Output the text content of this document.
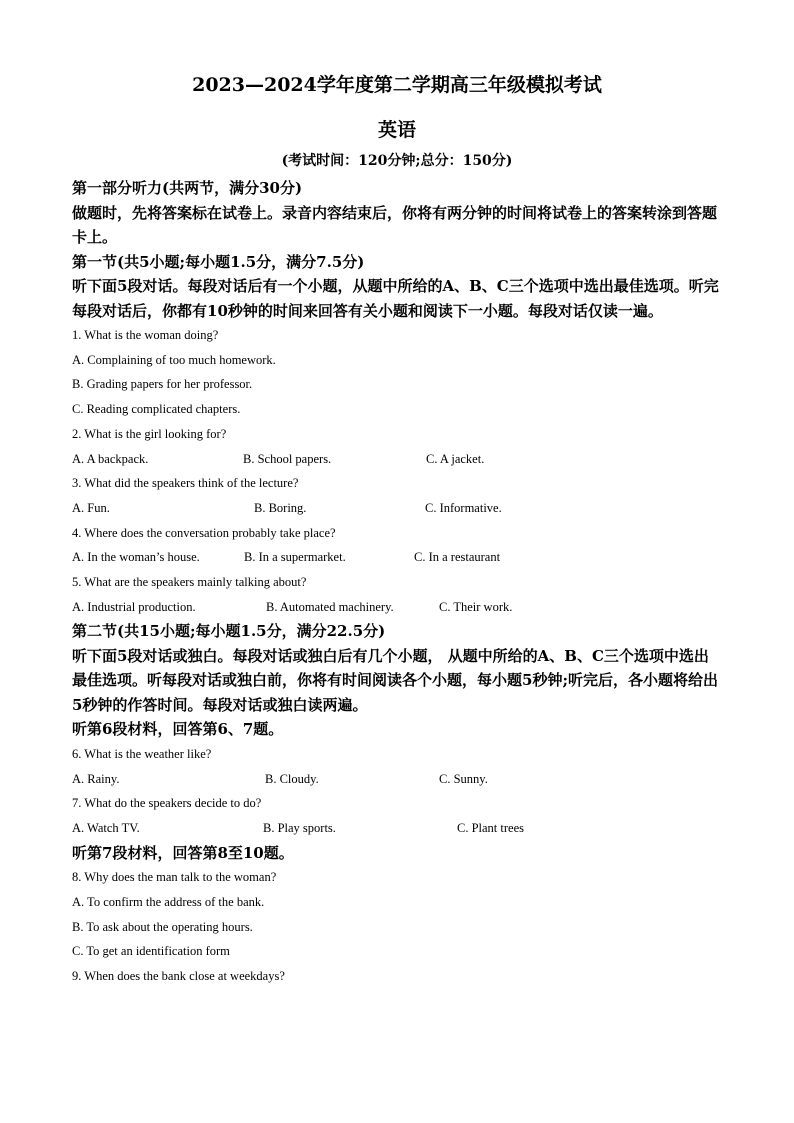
2023—2024学年度第二学期高三年级模拟考试
英语
(考试时间：120分钟;总分：150分)

第一部分听力(共两节，满分30分)

做题时，先将答案标在试卷上。录音内容结束后，你将有两分钟的时间将试卷上的答案转涂到答题卡上。

第一节(共5小题;每小题1.5分，满分7.5分)

听下面5段对话。每段对话后有一个小题，从题中所给的A、B、C三个选项中选出最佳选项。听完每段对话后，你都有10秒钟的时间来回答有关小题和阅读下一小题。每段对话仅读一遍。

1. What is the woman doing?

A. Complaining of too much homework.

B. Grading papers for her professor.

C. Reading complicated chapters.

2. What is the girl looking for?

A. A backpack.	B. School papers.	C. A jacket.

3. What did the speakers think of the lecture?

A. Fun.	B. Boring.	C. Informative.

4. Where does the conversation probably take place?

A. In the woman’s house.	B. In a supermarket.	C. In a restaurant

5. What are the speakers mainly talking about?

A. Industrial production.	B. Automated machinery.	C. Their work.

第二节(共15小题;每小题1.5分，满分22.5分)

听下面5段对话或独白。每段对话或独白后有几个小题， 从题中所给的A、B、C三个选项中选出最佳选项。听每段对话或独白前，你将有时间阅读各个小题，每小题5秒钟;听完后，各小题将给出5秒钟的作答时间。每段对话或独白读两遍。

听第6段材料，回答第6、7题。

6. What is the weather like?

A. Rainy.	B. Cloudy.	C. Sunny.

7. What do the speakers decide to do?

A. Watch TV.	B. Play sports.	C. Plant trees

听第7段材料，回答第8至10题。

8. Why does the man talk to the woman?

A. To confirm the address of the bank.

B. To ask about the operating hours.

C. To get an identification form

9. When does the bank close at weekdays?
